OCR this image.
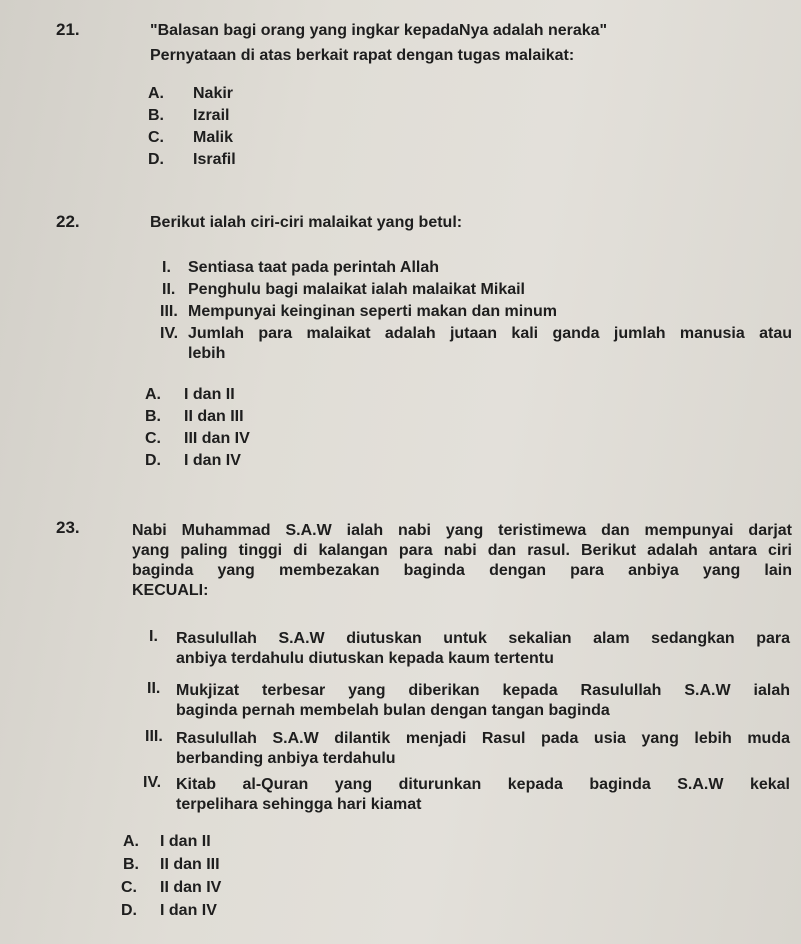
21.	"Balasan bagi orang yang ingkar kepadaNya adalah neraka"
Pernyataan di atas berkait rapat dengan tugas malaikat:
A. Nakir
B. Izrail
C. Malik
D. Israfil
22.	Berikut ialah ciri-ciri malaikat yang betul:
I. Sentiasa taat pada perintah Allah
II. Penghulu bagi malaikat ialah malaikat Mikail
III. Mempunyai keinginan seperti makan dan minum
IV. Jumlah para malaikat adalah jutaan kali ganda jumlah manusia atau
lebih
A. I dan II
B. II dan III
C. III dan IV
D. I dan IV
23.	Nabi Muhammad S.A.W ialah nabi yang teristimewa dan mempunyai darjat
yang paling tinggi di kalangan para nabi dan rasul. Berikut adalah antara ciri
baginda yang membezakan baginda dengan para anbiya yang lain
KECUALI:
I. Rasulullah S.A.W diutuskan untuk sekalian alam sedangkan para
anbiya terdahulu diutuskan kepada kaum tertentu
II. Mukjizat terbesar yang diberikan kepada Rasulullah S.A.W ialah
baginda pernah membelah bulan dengan tangan baginda
III. Rasulullah S.A.W dilantik menjadi Rasul pada usia yang lebih muda
berbanding anbiya terdahulu
IV. Kitab al-Quran yang diturunkan kepada baginda S.A.W kekal
terpelihara sehingga hari kiamat
A. I dan II
B. II dan III
C. II dan IV
D. I dan IV
